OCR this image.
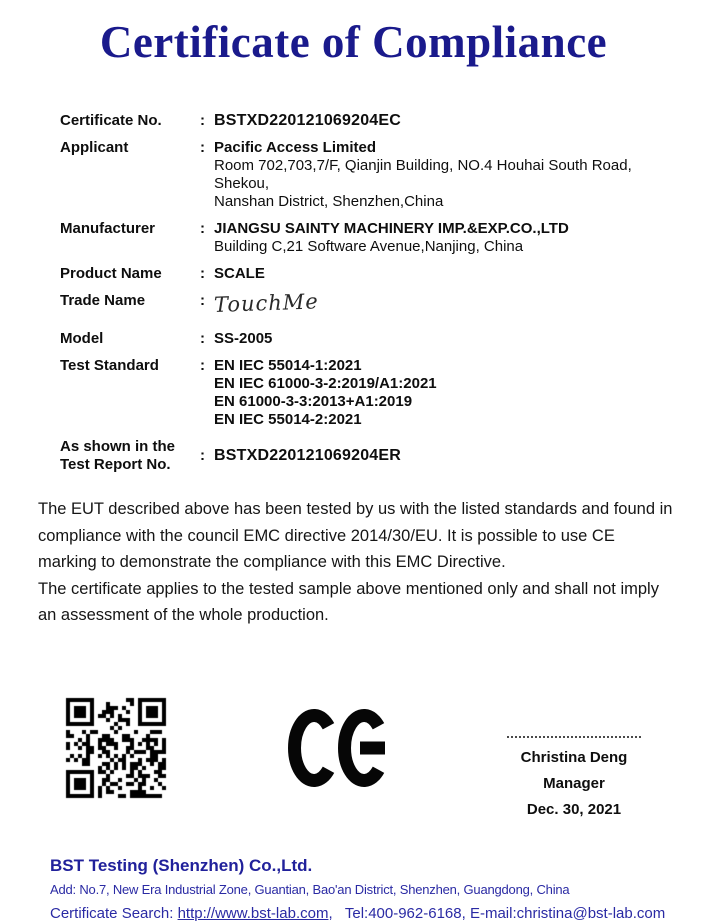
Certificate of Compliance
Certificate No.	: BSTXD220121069204EC
Applicant	: Pacific Access Limited
Room 702,703,7/F, Qianjin Building, NO.4 Houhai South Road, Shekou,
Nanshan District, Shenzhen,China
Manufacturer	: JIANGSU SAINTY MACHINERY IMP.&EXP.CO.,LTD
Building C,21 Software Avenue,Nanjing, China
Product Name	: SCALE
Trade Name	: TouchMe
Model	: SS-2005
Test Standard	: EN IEC 55014-1:2021
EN IEC 61000-3-2:2019/A1:2021
EN 61000-3-3:2013+A1:2019
EN IEC 55014-2:2021
As shown in the
Test Report No.
: BSTXD220121069204ER

The EUT described above has been tested by us with the listed standards and found in compliance with the council EMC directive 2014/30/EU. It is possible to use CE marking to demonstrate the compliance with this EMC Directive.

The certificate applies to the tested sample above mentioned only and shall not imply an assessment of the whole production.

Christina Deng
Manager
Dec. 30, 2021
BST Testing (Shenzhen) Co.,Ltd.
Add: No.7, New Era Industrial Zone, Guantian, Bao'an District, Shenzhen, Guangdong, China
Certificate Search: http://www.bst-lab.com,   Tel:400-962-6168, E-mail:christina@bst-lab.com
